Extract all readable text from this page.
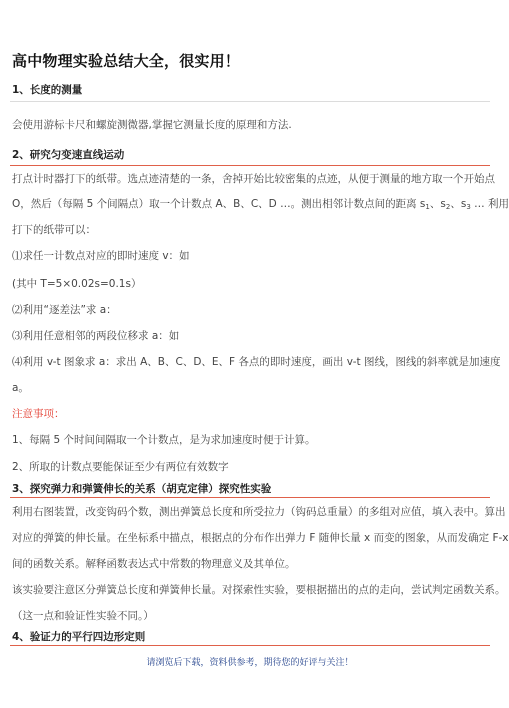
高中物理实验总结大全，很实用！
1、长度的测量
会使用游标卡尺和螺旋测微器,掌握它测量长度的原理和方法.
2、研究匀变速直线运动
打点计时器打下的纸带。选点迹清楚的一条，舍掉开始比较密集的点迹，从便于测量的地方取一个开始点
O，然后（每隔 5 个间隔点）取一个计数点 A、B、C、D …。测出相邻计数点间的距离 $s_1$、$s_2$、$s_3$ … 利用
打下的纸带可以：
⑴求任一计数点对应的即时速度 v：如
(其中 T=5×0.02s=0.1s）
⑵利用“逐差法”求 a：
⑶利用任意相邻的两段位移求 a：如
⑷利用 v-t 图象求 a：求出 A、B、C、D、E、F 各点的即时速度，画出 v-t 图线，图线的斜率就是加速度
a。
注意事项：
1、每隔 5 个时间间隔取一个计数点，是为求加速度时便于计算。
2、所取的计数点要能保证至少有两位有效数字
3、探究弹力和弹簧伸长的关系（胡克定律）探究性实验
利用右图装置，改变钩码个数，测出弹簧总长度和所受拉力（钩码总重量）的多组对应值，填入表中。算出
对应的弹簧的伸长量。在坐标系中描点，根据点的分布作出弹力 F 随伸长量 x 而变的图象，从而发确定 F-x
间的函数关系。解释函数表达式中常数的物理意义及其单位。
该实验要注意区分弹簧总长度和弹簧伸长量。对探索性实验，要根据描出的点的走向，尝试判定函数关系。
（这一点和验证性实验不同。）
4、验证力的平行四边形定则
请浏览后下载，资料供参考，期待您的好评与关注！
